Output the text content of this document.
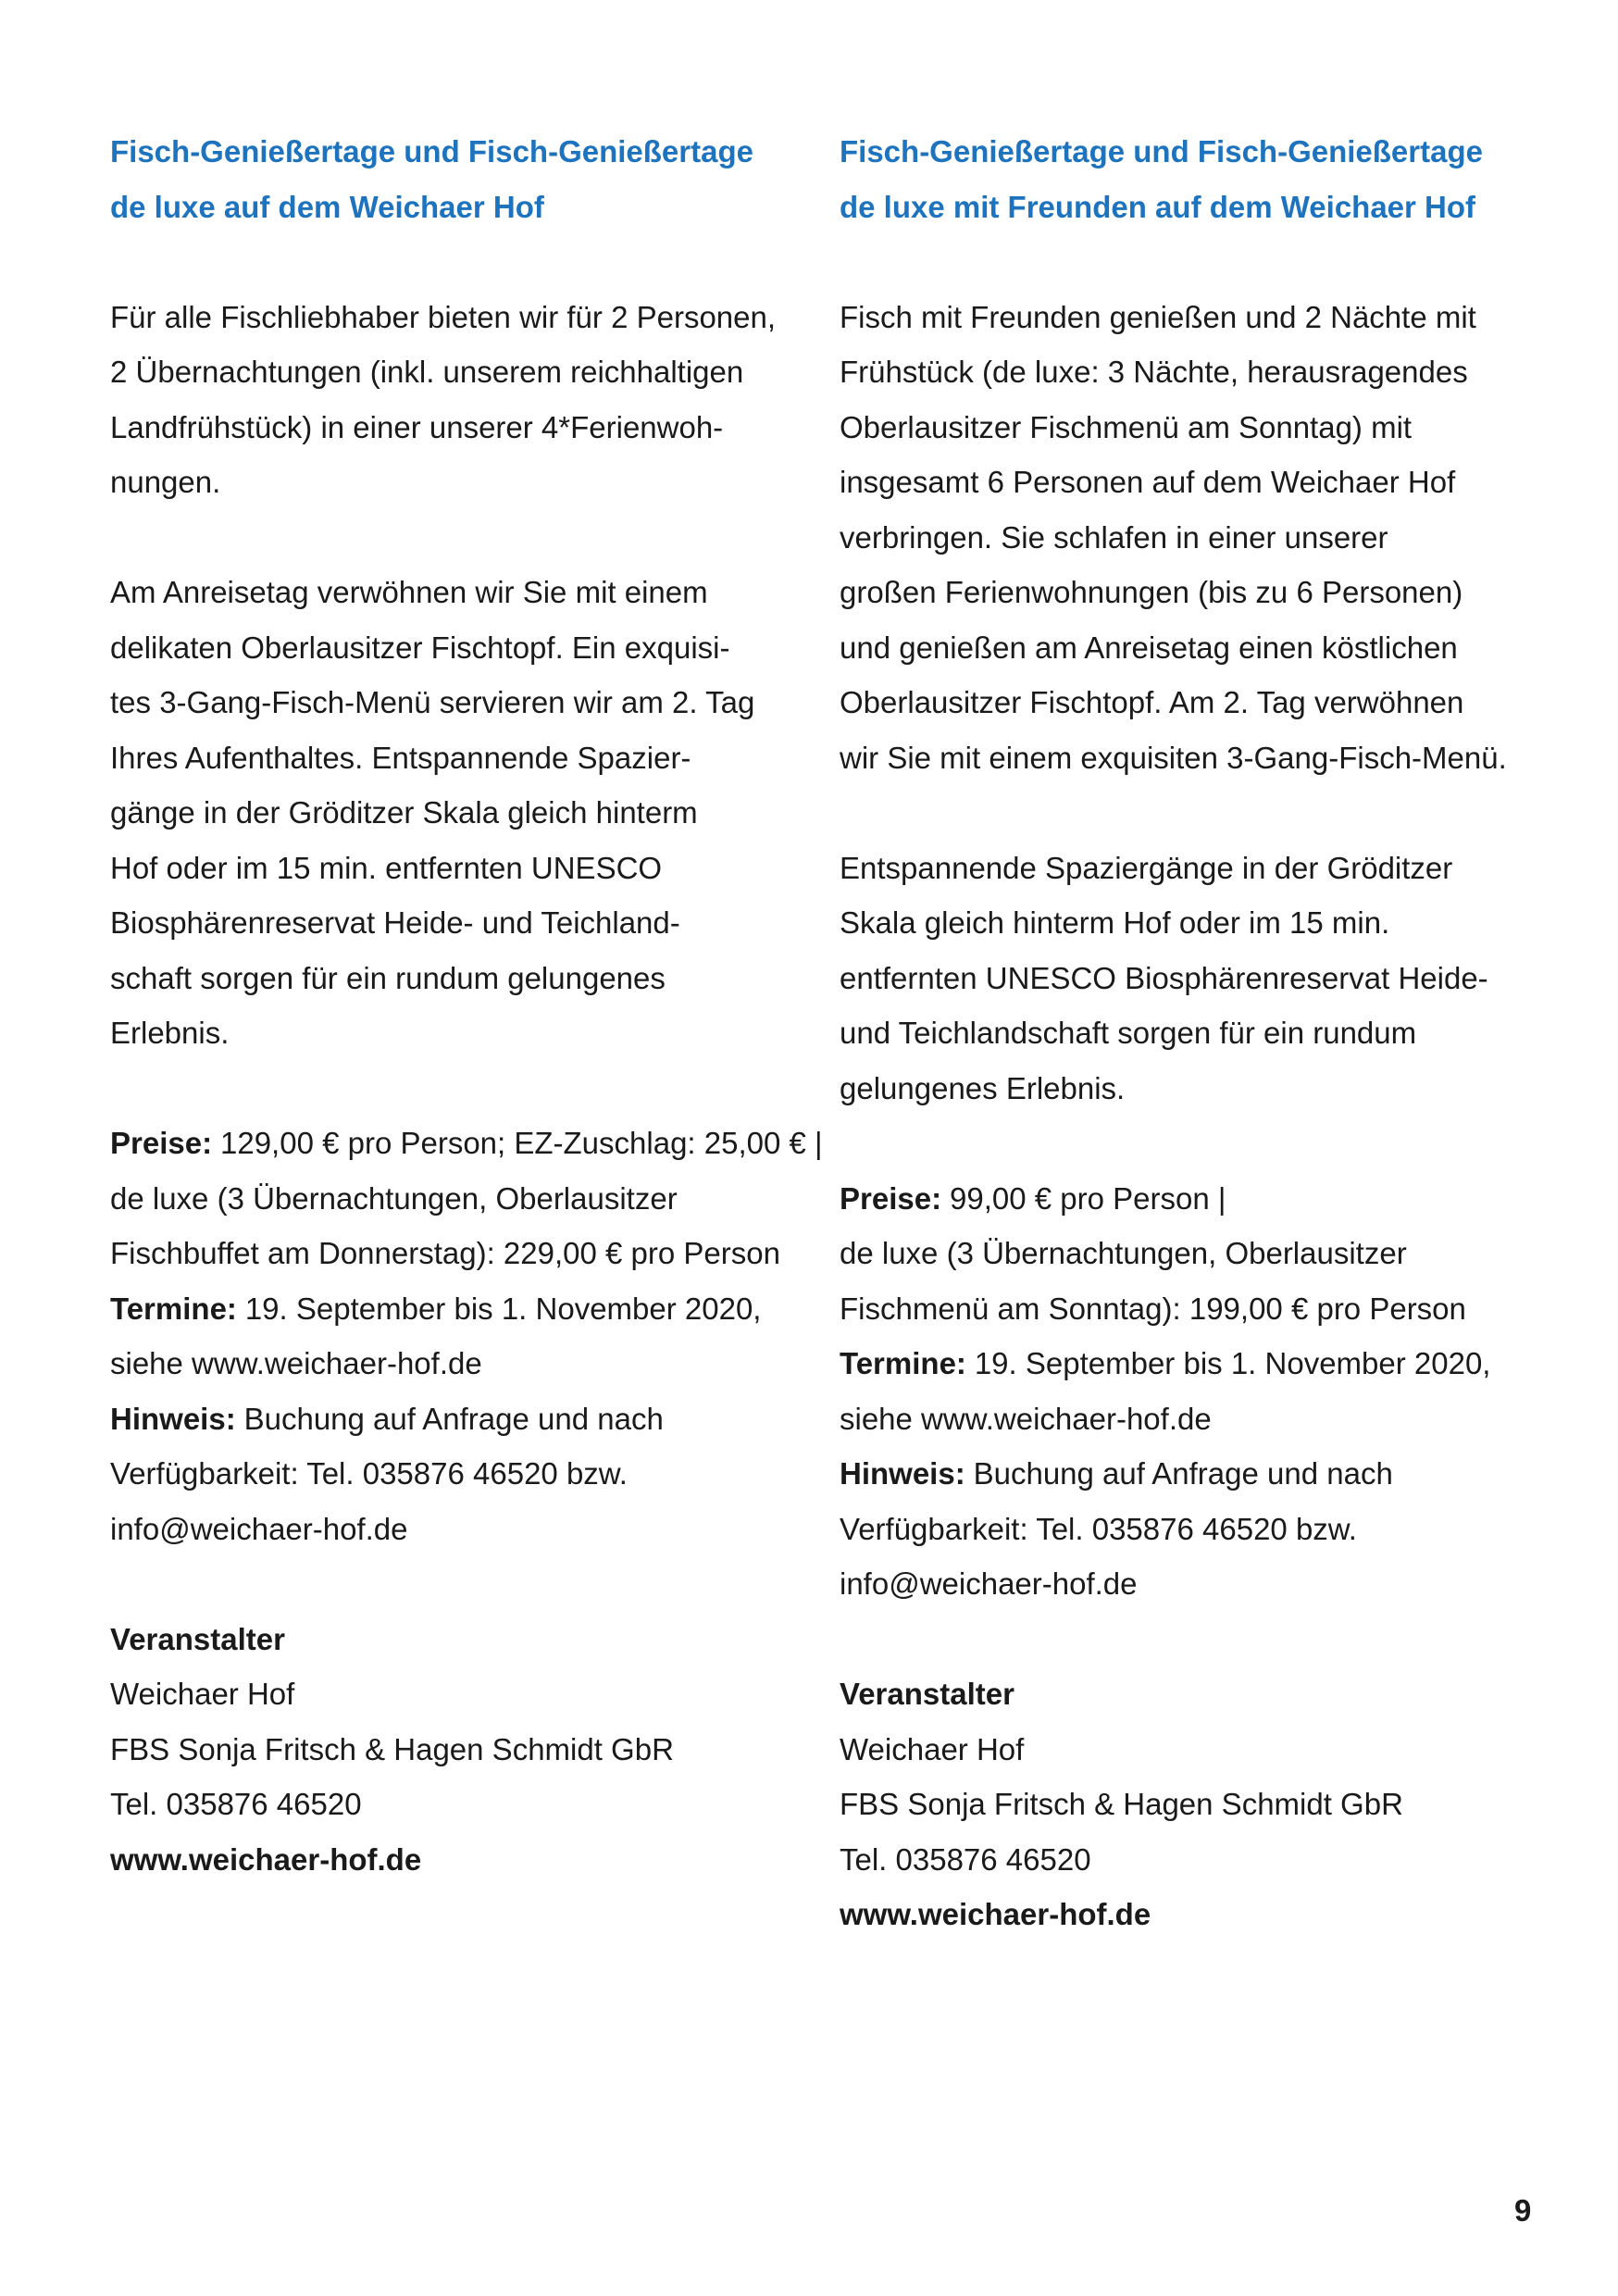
Fisch-Genießertage und Fisch-Genießertage
de luxe auf dem Weichaer Hof
Für alle Fischliebhaber bieten wir für 2 Personen,
2 Übernachtungen (inkl. unserem reichhaltigen
Landfrühstück) in einer unserer 4*Ferienwoh-
nungen.
Am Anreisetag verwöhnen wir Sie mit einem
delikaten Oberlausitzer Fischtopf. Ein exquisi-
tes 3-Gang-Fisch-Menü servieren wir am 2. Tag
Ihres Aufenthaltes. Entspannende Spazier-
gänge in der Gröditzer Skala gleich hinterm
Hof oder im 15 min. entfernten UNESCO
Biosphärenreservat Heide- und Teichland-
schaft sorgen für ein rundum gelungenes
Erlebnis.
Preise: 129,00 € pro Person; EZ-Zuschlag: 25,00 € |
de luxe (3 Übernachtungen, Oberlausitzer
Fischbuffet am Donnerstag): 229,00 € pro Person
Termine: 19. September bis 1. November 2020,
siehe www.weichaer-hof.de
Hinweis: Buchung auf Anfrage und nach
Verfügbarkeit: Tel. 035876 46520 bzw.
info@weichaer-hof.de
Veranstalter
Weichaer Hof
FBS Sonja Fritsch & Hagen Schmidt GbR
Tel. 035876 46520
www.weichaer-hof.de
Fisch-Genießertage und Fisch-Genießertage
de luxe mit Freunden auf dem Weichaer Hof
Fisch mit Freunden genießen und 2 Nächte mit
Frühstück (de luxe: 3 Nächte, herausragendes
Oberlausitzer Fischmenü am Sonntag) mit
insgesamt 6 Personen auf dem Weichaer Hof
verbringen. Sie schlafen in einer unserer
großen Ferienwohnungen (bis zu 6 Personen)
und genießen am Anreisetag einen köstlichen
Oberlausitzer Fischtopf. Am 2. Tag verwöhnen
wir Sie mit einem exquisiten 3-Gang-Fisch-Menü.
Entspannende Spaziergänge in der Gröditzer
Skala gleich hinterm Hof oder im 15 min.
entfernten UNESCO Biosphärenreservat Heide-
und Teichlandschaft sorgen für ein rundum
gelungenes Erlebnis.
Preise: 99,00 € pro Person |
de luxe (3 Übernachtungen, Oberlausitzer
Fischmenü am Sonntag): 199,00 € pro Person
Termine: 19. September bis 1. November 2020,
siehe www.weichaer-hof.de
Hinweis: Buchung auf Anfrage und nach
Verfügbarkeit: Tel. 035876 46520 bzw.
info@weichaer-hof.de
Veranstalter
Weichaer Hof
FBS Sonja Fritsch & Hagen Schmidt GbR
Tel. 035876 46520
www.weichaer-hof.de
9
